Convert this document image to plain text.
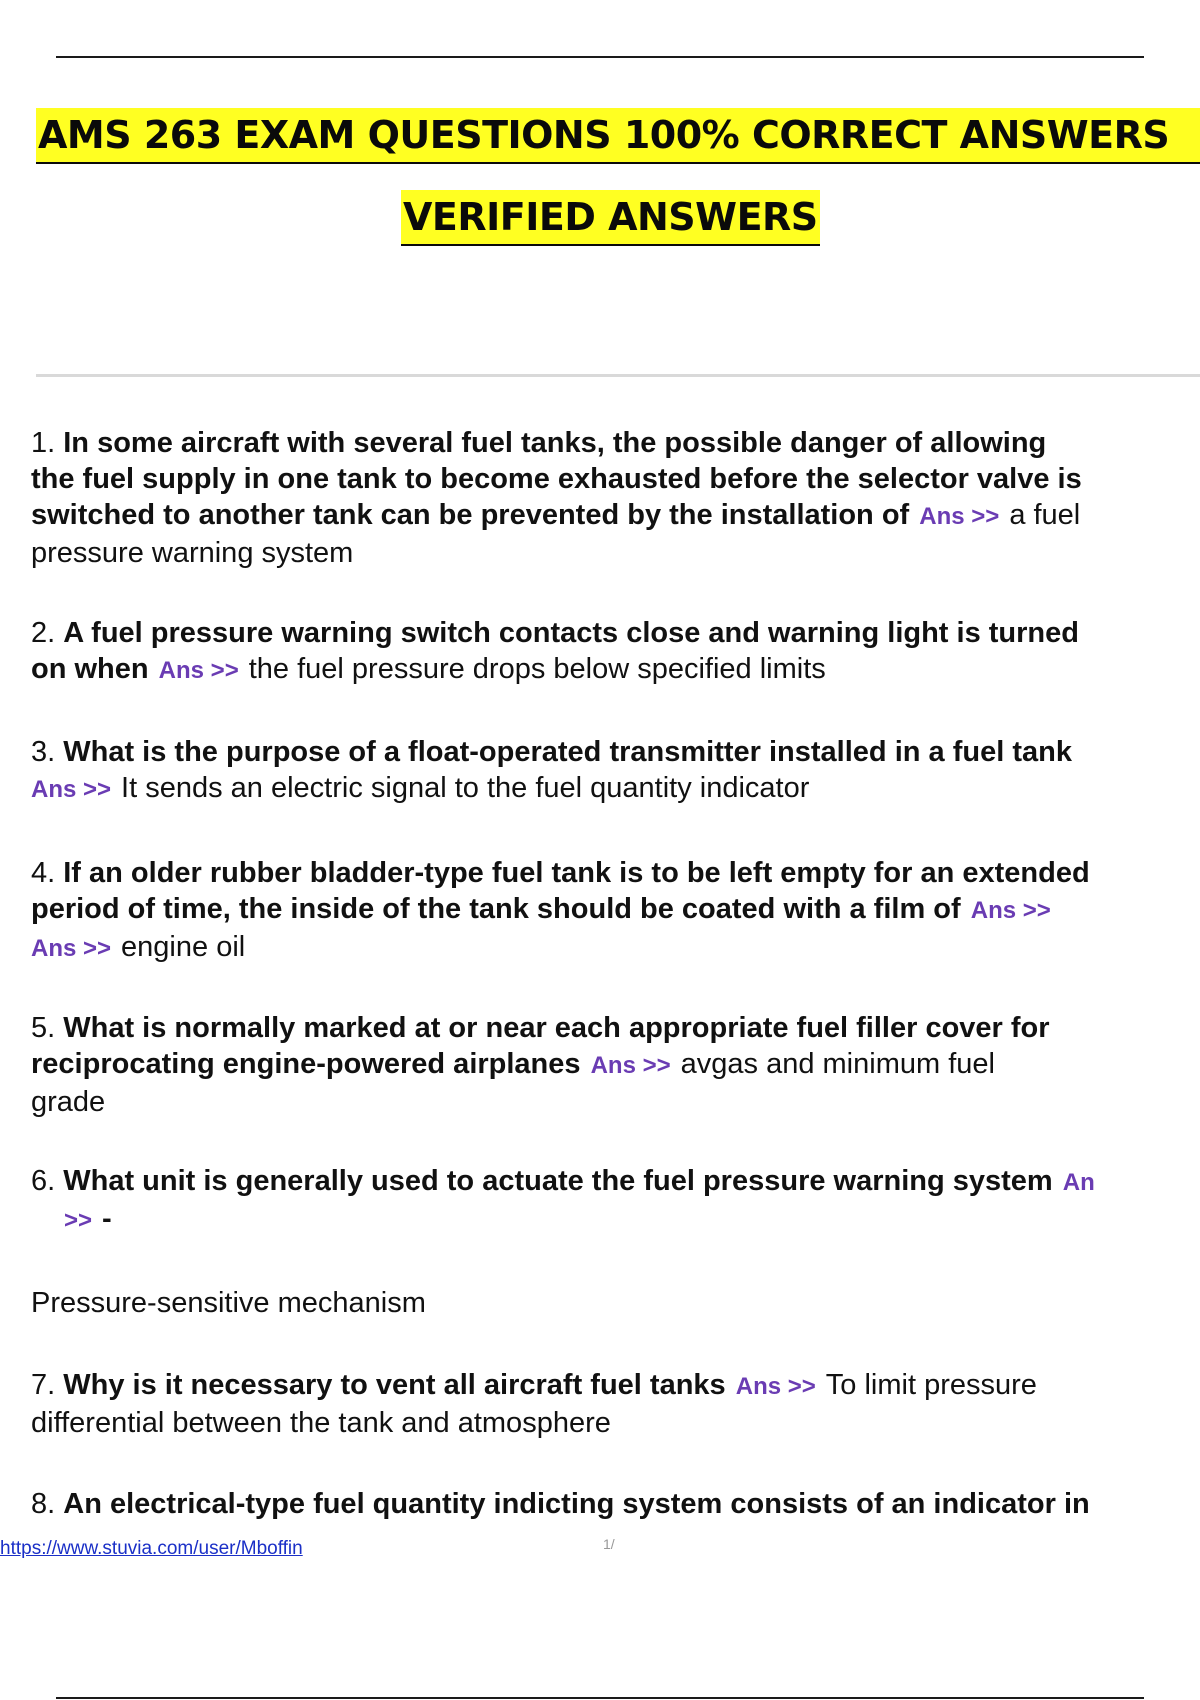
AMS 263 EXAM QUESTIONS 100% CORRECT ANSWERS
VERIFIED ANSWERS
1. In some aircraft with several fuel tanks, the possible danger of allowing
the fuel supply in one tank to become exhausted before the selector valve is
switched to another tank can be prevented by the installation of Ans >> a fuel
pressure warning system
2. A fuel pressure warning switch contacts close and warning light is turned
on when Ans >> the fuel pressure drops below specified limits
3. What is the purpose of a float-operated transmitter installed in a fuel tank
Ans >> It sends an electric signal to the fuel quantity indicator
4. If an older rubber bladder-type fuel tank is to be left empty for an extended
period of time, the inside of the tank should be coated with a film of Ans >>
Ans >> engine oil
5. What is normally marked at or near each appropriate fuel filler cover for
reciprocating engine-powered airplanes Ans >> avgas and minimum fuel
grade
6. What unit is generally used to actuate the fuel pressure warning system An
>> -
Pressure-sensitive mechanism
7. Why is it necessary to vent all aircraft fuel tanks Ans >> To limit pressure
differential between the tank and atmosphere
8. An electrical-type fuel quantity indicting system consists of an indicator in
https://www.stuvia.com/user/Mboffin	1/
